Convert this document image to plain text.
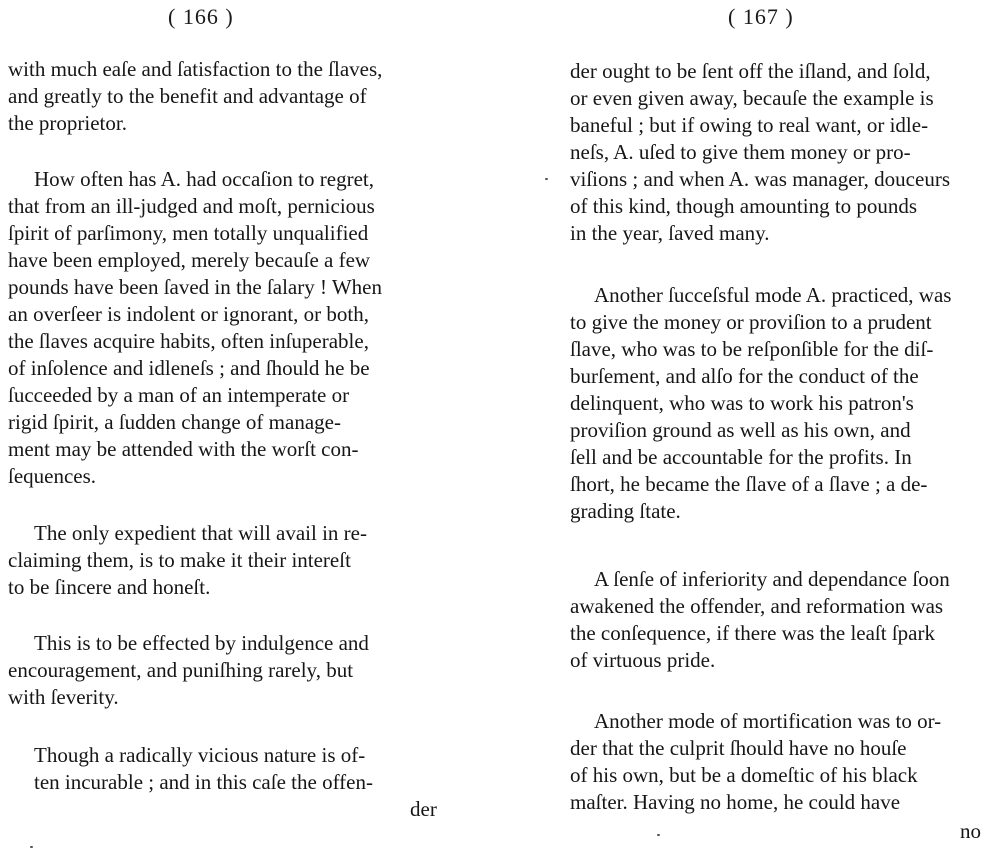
( 166 )
with much eaſe and ſatisfaction to the ſlaves,
and greatly to the benefit and advantage of
the proprietor.
How often has A. had occaſion to regret,
that from an ill-judged and moſt, pernicious
ſpirit of parſimony, men totally unqualified
have been employed, merely becauſe a few
pounds have been ſaved in the ſalary ! When
an overſeer is indolent or ignorant, or both,
the ſlaves acquire habits, often inſuperable,
of inſolence and idleneſs ; and ſhould he be
ſucceeded by a man of an intemperate or
rigid ſpirit, a ſudden change of manage-
ment may be attended with the worſt con-
ſequences.
The only expedient that will avail in re-
claiming them, is to make it their intereſt
to be ſincere and honeſt.
This is to be effected by indulgence and
encouragement, and puniſhing rarely, but
with ſeverity.
Though a radically vicious nature is of-
ten incurable ; and in this caſe the offen-
der
( 167 )
der ought to be ſent off the iſland, and ſold,
or even given away, becauſe the example is
baneful ; but if owing to real want, or idle-
neſs, A. uſed to give them money or pro-
viſions ; and when A. was manager, douceurs
of this kind, though amounting to pounds
in the year, ſaved many.
Another ſucceſsful mode A. practiced, was
to give the money or proviſion to a prudent
ſlave, who was to be reſponſible for the diſ-
burſement, and alſo for the conduct of the
delinquent, who was to work his patron's
proviſion ground as well as his own, and
ſell and be accountable for the profits. In
ſhort, he became the ſlave of a ſlave ; a de-
grading ſtate.
A ſenſe of inferiority and dependance ſoon
awakened the offender, and reformation was
the conſequence, if there was the leaſt ſpark
of virtuous pride.
Another mode of mortification was to or-
der that the culprit ſhould have no houſe
of his own, but be a domeſtic of his black
maſter. Having no home, he could have
no
